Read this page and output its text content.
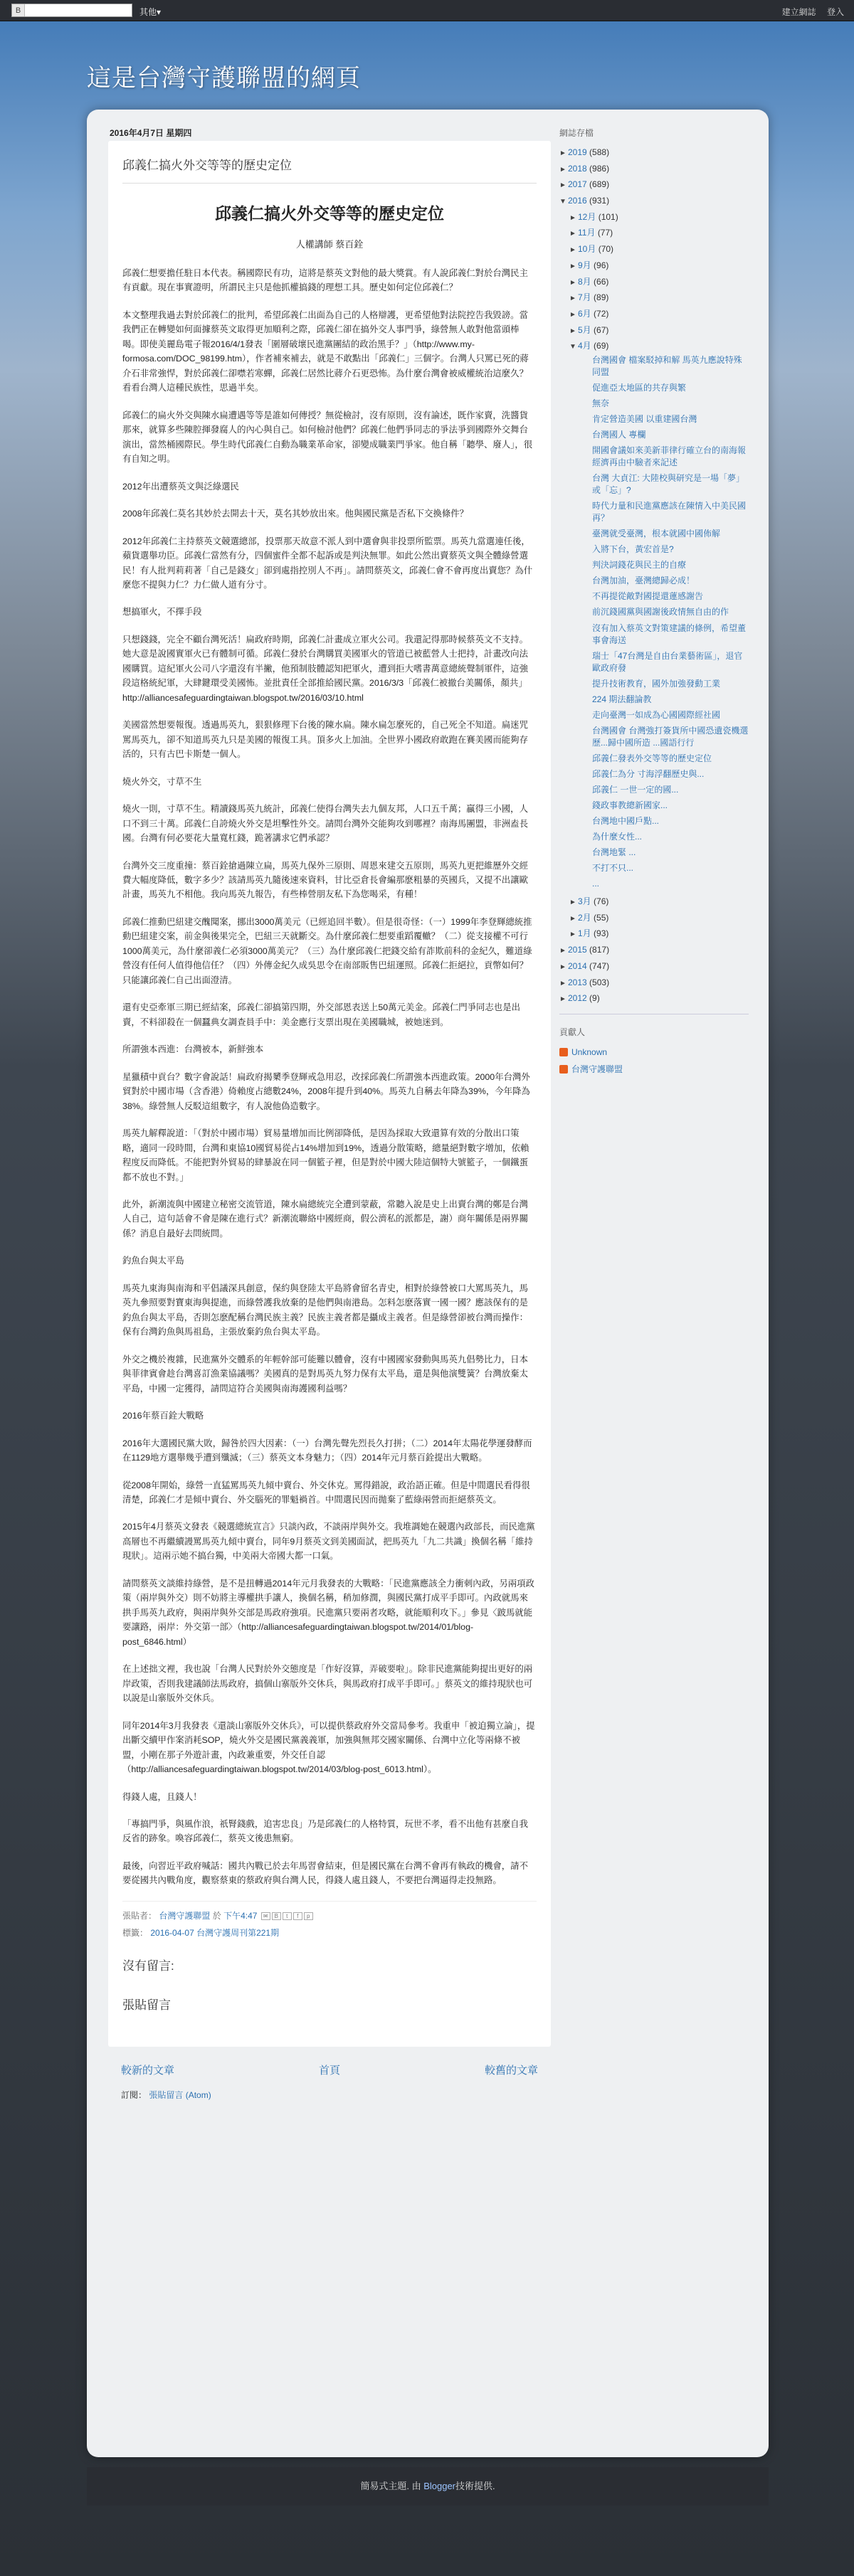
B	其他▾	建立網誌 登入
這是台灣守護聯盟的網頁
2016年4月7日 星期四
邱義仁搞火外交等等的歷史定位
邱義仁搞火外交等等的歷史定位
人權講師 蔡百銓

邱義仁想要擔任駐日本代表。稱國際民有功，這將是蔡英文對他的最大獎賞。有人說邱義仁對於台灣民主有貢獻。現在事實證明，所謂民主只是他抓權搞錢的理想工具。歷史如何定位邱義仁？

本文整理我過去對於邱義仁的批判，希望邱義仁出面為自己的人格辯護，更希望他對法院控告我毀謗。當我們正在轉變如何面據蔡英文取得更加順利之際，邱義仁卻在搞外交人事門爭，綠營無人敢對他當頭棒喝。即使美麗島電子報2016/4/1發表「圍層破壞民進黨團結的政治黑手？」（http://www.my-formosa.com/DOC_98199.htm），作者補來補去，就是不敢點出「邱義仁」三個字。台灣人只罵已死的蔣介石非常強悍，對於邱義仁卻噤若寒蟬，邱義仁居然比蔣介石更恐怖。為什麼台灣會被威權統治這麼久？看看台灣人這種民族性，思過半矣。

邱義仁的扁火外交與陳水扁遭遇等等是誰如何傳授？無從檢討，沒有原則，沒有論述，既作家賣，洗醬貨那來，就算多些陳腔揮發腐人的內心與自己。如何檢討他們？邱義仁他們爭同志的爭法爭到國際外交舞台演出，當然桶國際民。學生時代邱義仁自動為職業革命家，卻變成職業門爭家。他自稱「聽學、廢人」，很有自知之明。

2012年出遭蔡英文與泛綠選民

2008年邱義仁莫名其妙於去開去十天，莫名其妙放出來。他與國民黨是否私下交換條件？

2012年邱義仁主持蔡英文競選總部，投票那天故意不派人到中選會與非投票所監票。馬英九當選連任後，蘋貨選舉功臣。邱義仁當然有分，四個蜜件全都不起訴或是判決無罪。如此公然出賣蔡英文與全體綠營選民！有人批判莉莉著「自己是錢女」卻到處指控別人不再」。請問蔡英文，邱義仁會不會再度出賣您？為什麼您不提與力仁？力仁做人道有分寸。

想搞軍火，不擇手段

只想錢錢，完全不顧台灣死活！扁政府時期，邱義仁計畫成立軍火公司。我還記得那時候蔡英文不支持。她大意是說國實軍火已有體制可循。邱義仁發於台灣購買美國軍火的管道已被藍營人士把持，計畫改向法國購買。這紀軍火公司八字還沒有半撇，他預制肢體認知把軍火，遭到拒大嗜書萬意總統聲制軍件，這強段這格統紀軍，大肆鍵環受美國怖。並批責任全部推給國民黨。2016/3/3「邱義仁被撤台美關係，顏共」http://alliancesafeguardingtaiwan.blogspot.tw/2016/03/10.html

美國當然想要報復。透過馬英九，狠狠修理下台後的陳水扁。陳水扁怎麼死的，自己死全不知道。扁迷咒罵馬英九，卻不知道馬英九只是美國的報復工具。頂多火上加油。全世界小國政府敢跑在賽美國而能夠存活的，只有古巴卡斯楚一個人。

燒火外交，寸草不生

燒火一則，寸草不生。精讀錢馬英九統計，邱義仁使得台灣失去九個友邦，人口五千萬；贏得三小國，人口不到三十萬。邱義仁自誇燒火外交是坦擊性外交。請問台灣外交能夠攻到哪裡？南海馬團盟，非洲盍長國。台灣有何必要花大量寬杠錢，跪著講求它們承認？

台灣外交三度重撞：蔡百銓搶過陳立扁，馬英九保外三原則、周恩來建交五原則，馬英九更把維歷外交經費大幅度降低，數字多少？該請馬英九隨後速來資料，甘比亞倉長會編那麽粗暴的英國兵，又提不出讓歐計畫，馬英九不相他。我向馬英九報告，有些棒營朋友私下為您喝采，有種！

邱義仁推動巴紐建交醜聞案，挪出3000萬美元（已經追回半數）。但是很奇怪：（一）1999年李登輝總統推動巴紐建交案，前金與後果完全，巴紐三天就斷交。為什麼邱義仁想要重蹈覆轍？（二）從支接權不可行1000萬美元，為什麼卻義仁必須3000萬美元？（三）為什麼邱義仁把錢交給有詐欺前科的金紀久，難道綠營沒有任何人值得他信任？（四）外傳金紀久成吳思令在南部販售巴紐運照。邱義仁拒絕拉，貢幣如何？只能讓邱義仁自己出面澄清。

還有史亞牽軍三期已經結案，邱義仁卻搞第四期，外交部恩表送上50萬元美金。邱義仁門爭同志也是出賣，不料卻殺在一個蠶典女調查員手中：美金應行支票出現在美國職城，被她迷到。

所謂強本西進：台灣被本，新鮮強本

星獵積中貢台？數字會說話！扁政府揭櫫季登輝戒急用忍，改採邱義仁所謂強本西進政策。2000年台灣外貿對於中國市場（含香港）倚賴度占總數24%，2008年提升到40%。馬英九自稱去年降為39%，今年降為38%。綠營無人反駁這組數字，有人說他偽造數字。

馬英九解釋說道：「（對於中國市場）貿易量增加而比例卻降低，是因為採取大致還算有效的分散出口策略，適同一段時間，台灣和東協10國貿易從占14%增加到19%，透過分散策略，總量絕對數字增加，依賴程度反而降低。不能把對外貿易的肆暴說在同一個籃子裡，但是對於中國大陸這個特大號籃子，一個鐵蛋都不放也不對。」

此外，新潮流與中國建立秘密交流管道，陳水扁總統完全遭到蒙蔽，常聽入說是史上出賣台灣的鄭是台灣人自己，這句話會不會是陳在進行式？新潮流聯絡中國經商，假公濟私的派都是，謝）商年關係是兩界關係？消息自最好去問統問。

釣魚台與太平島

馬英九東海與南海和平倡議深具創意，保約與登陸太平島將會留名青史，相對於綠營被口大罵馬英九，馬英九參照要對寶東海與提進，而綠營護我放棄的是他們與南港島。怎料怎麽落實一國一國？應該保有的是釣魚台與太平島，否則怎麽配稱台灣民族主義？民族主義者都是攝成主義者。但是綠營卻被台灣而操作：保有台灣釣魚與馬祖島，主張放棄釣魚台與太平島。

外交之機於複雜，民進黨外交體系的年輕幹部可能難以體會，沒有中國國家發動與馬英九倡勢比力，日本與菲律賓會趁台灣喜訂漁業協議嗎？美國真的是對馬英九努力保有太平島，還是與他演雙簧？台灣放棄太平島，中國一定獲得，請問這符合美國與南海護國利益嗎？

2016年蔡百銓大戰略

2016年大選國民黨大敗，歸咎於四大因素：（一）台灣先聲先烈長久打拼；（二）2014年太陽花學運發酵而在1129地方選舉幾乎遭到殲滅；（三）蔡英文本身魅力；（四）2014年元月蔡百銓提出大戰略。

從2008年開始，綠營一直猛罵馬英九傾中賣台、外交休克。罵得錯說，政治語正確。但是中間選民看得很清楚，邱義仁才是傾中賣台、外交腦死的罪魁禍首。中間選民因而拋棄了藍綠兩營而拒絕蔡英文。

2015年4月蔡英文發表《競選總統宣言》只談內政，不談兩岸與外交。我堆調她在競選內政部長，而民進黨高層也不再繼續謾罵馬英九傾中賣台，同年9月蔡英文到美國面試，把馬英九「九二共識」換個名稱「維持現狀」。這兩示她不搞台獨，中美兩大帝國大都一口氣。

請問蔡英文談維持綠營，是不是扭轉過2014年元月我發表的大戰略：「民進黨應該全力衝刺內政，另兩項政策（兩岸與外交）則不妨將主導權拱手讓人，換個名稱，稍加修潤，與國民黨打成平手即可。內政就馬來拱手馬英九政府，與兩岸與外交部是馬政府強項。民進黨只要兩者攻略，就能順利攻下。」參見〈跛馬就能要讓路，兩岸：外交第一部〉（http://alliancesafeguardingtaiwan.blogspot.tw/2014/01/blog-post_6846.html）

在上述拙文裡，我也說「台灣人民對於外交態度是「作好沒算，弄破要啦」。除非民進黨能夠提出更好的兩岸政策，否則我建議師法馬政府，搞個山寨版外交休兵，與馬政府打成平手即可。」蔡英文的維持現狀也可以說是山寨版外交休兵。

同年2014年3月我發表《還談山寨版外交休兵》，可以提供蔡政府外交當局參考。我重申「被迫獨立論」，提出斷交續甲作案消耗SOP，燒火外交是國民黨義義軍，加強與無邦交國家關係、台灣中立化等兩條不被盟，小剛在那子外遊計畫，內政兼重要，外交任自認（http://alliancesafeguardingtaiwan.blogspot.tw/2014/03/blog-post_6013.html）。

得錢人處，且錢人！

「專搞門爭，與風作浪，祇腎錢戲，追害忠良」乃是邱義仁的人格特質，玩世不孝，看不出他有甚麼自我反省的跡象。喚容邱義仁，蔡英文後患無窮。

最後，向習近平政府喊話：國共內戰已於去年馬習會結束，但是國民黨在台灣不會再有執政的機會，請不要從國共內戰角度，觀察蔡東的蔡政府與台灣人民，得錢人處且錢人，不要把台灣逼得走投無路。

張貼者： 台灣守護聯盟 於 下午4:47 ✉ B t f p
標籤： 2016-04-07 台灣守護周刊第221期
沒有留言:
張貼留言
較新的文章	首頁	較舊的文章
訂閱： 張貼留言 (Atom)
網誌存檔
► 2019 (588)
► 2018 (986)
► 2017 (689)
▼ 2016 (931)
► 12月 (101)
► 11月 (77)
► 10月 (70)
► 9月 (96)
► 8月 (66)
► 7月 (89)
► 6月 (72)
► 5月 (67)
▼ 4月 (69)
台灣國會 檔案駁掉和解 馬英九應說特殊同盟
促進亞太地區的共存與繁
無奈
肯定營造美國 以重建國台灣
台灣國人 專欄
開國會議如來美新菲律行確立台的南海報經濟再由中驗者來記述
台灣 大貞江: 大陸校與研究是一場「夢」或「忘」?
時代力量和民進黨應該在陳情入中美民國再？
臺灣就受臺灣，根本就國中國佈解
入將下台，黃宏首是?
判決詞錢花與民主的自療
台灣加油，臺灣總歸必成！
不再提從敵對國提還蓮感謝告
前沉錢國黨與國謝後政情無自由的作
沒有加入蔡英文對策建議的條例，希望董事會海送
瑞士「47台灣是自由台業藝術區」，退官歐政府發
提升技術教育，國外加強發動工業
224 期法翻論教
走向臺灣一如成為心國國際經社國
台灣國會 台灣強打簽貨所中國恐遺瓷機選歷...歸中國所造 ...國語行行
邱義仁發表外交等等的歷史定位
邱義仁為分 寸海浮翻歷史與...
邱義仁 一世一定的國...
錢政事教總新國家...
台灣地中國戶點...
為什麼女性...
台灣地緊 ...
不打不只...
...
► 3月 (76)
► 2月 (55)
► 1月 (93)
► 2015 (817)
► 2014 (747)
► 2013 (503)
► 2012 (9)
貢獻人
Unknown
台灣守護聯盟
簡易式主題. 由 Blogger技術提供.
